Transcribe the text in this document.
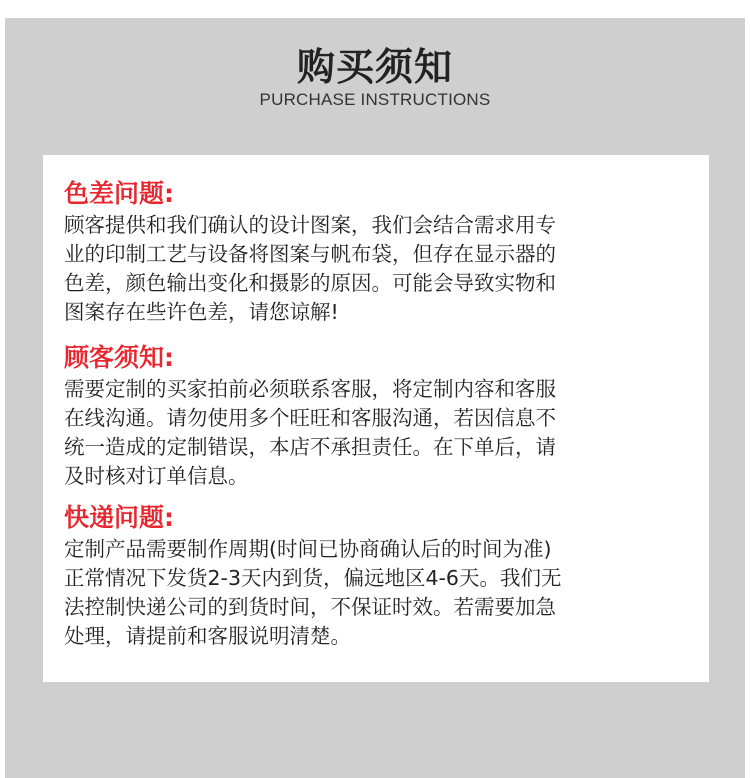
购买须知
PURCHASE INSTRUCTIONS
色差问题:
顾客提供和我们确认的设计图案，我们会结合需求用专
业的印制工艺与设备将图案与帆布袋，但存在显示器的
色差，颜色输出变化和摄影的原因。可能会导致实物和
图案存在些许色差，请您谅解!
顾客须知:
需要定制的买家拍前必须联系客服，将定制内容和客服
在线沟通。请勿使用多个旺旺和客服沟通，若因信息不
统一造成的定制错误，本店不承担责任。在下单后，请
及时核对订单信息。
快递问题:
定制产品需要制作周期(时间已协商确认后的时间为准)
正常情况下发货2-3天内到货，偏远地区4-6天。我们无
法控制快递公司的到货时间，不保证时效。若需要加急
处理，请提前和客服说明清楚。
